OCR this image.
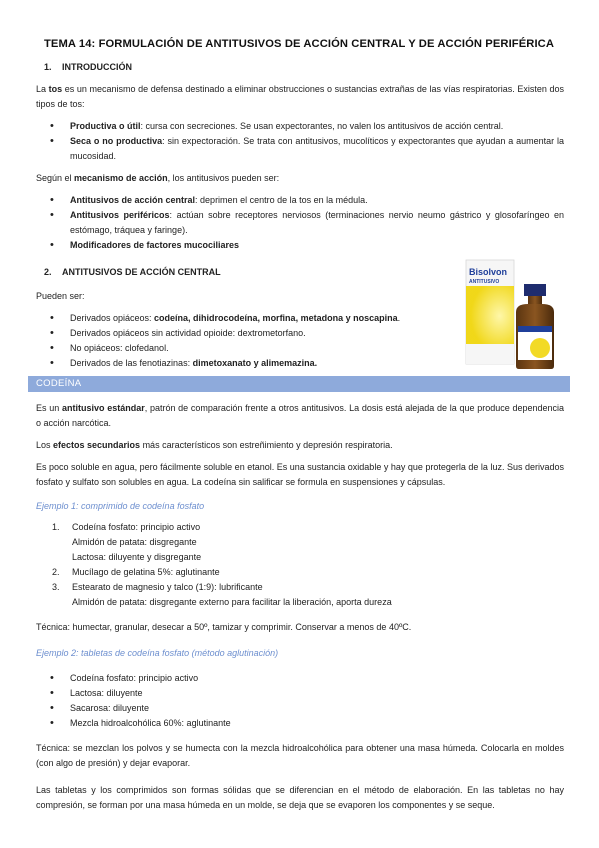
TEMA 14: FORMULACIÓN DE ANTITUSIVOS DE ACCIÓN CENTRAL Y DE ACCIÓN PERIFÉRICA
1. INTRODUCCIÓN
La tos es un mecanismo de defensa destinado a eliminar obstrucciones o sustancias extrañas de las vías respiratorias. Existen dos tipos de tos:
• Productiva o útil: cursa con secreciones. Se usan expectorantes, no valen los antitusivos de acción central.
• Seca o no productiva: sin expectoración. Se trata con antitusivos, mucolíticos y expectorantes que ayudan a aumentar la mucosidad.
Según el mecanismo de acción, los antitusivos pueden ser:
• Antitusivos de acción central: deprimen el centro de la tos en la médula.
• Antitusivos periféricos: actúan sobre receptores nerviosos (terminaciones nervio neumo gástrico y glosofaríngeo en estómago, tráquea y faringe).
• Modificadores de factores mucociliares
2. ANTITUSIVOS DE ACCIÓN CENTRAL
Pueden ser:
• Derivados opiáceos: codeína, dihidrocodeína, morfina, metadona y noscapina.
• Derivados opiáceos sin actividad opioide: dextrometorfano.
• No opiáceos: clofedanol.
• Derivados de las fenotiazinas: dimetoxanato y alimemazina.
Bisolvon
ANTITUSIVO
CODEÍNA
Es un antitusivo estándar, patrón de comparación frente a otros antitusivos. La dosis está alejada de la que produce dependencia o acción narcótica.
Los efectos secundarios más característicos son estreñimiento y depresión respiratoria.
Es poco soluble en agua, pero fácilmente soluble en etanol. Es una sustancia oxidable y hay que protegerla de la luz. Sus derivados fosfato y sulfato son solubles en agua. La codeína sin salificar se formula en suspensiones y cápsulas.
Ejemplo 1: comprimido de codeína fosfato
1. Codeína fosfato: principio activo
Almidón de patata: disgregante
Lactosa: diluyente y disgregante
2. Mucílago de gelatina 5%: aglutinante
3. Estearato de magnesio y talco (1:9): lubrificante
Almidón de patata: disgregante externo para facilitar la liberación, aporta dureza
Técnica: humectar, granular, desecar a 50º, tamizar y comprimir. Conservar a menos de 40ºC.
Ejemplo 2: tabletas de codeína fosfato (método aglutinación)
• Codeína fosfato: principio activo
• Lactosa: diluyente
• Sacarosa: diluyente
• Mezcla hidroalcohólica 60%: aglutinante
Técnica: se mezclan los polvos y se humecta con la mezcla hidroalcohólica para obtener una masa húmeda. Colocarla en moldes (con algo de presión) y dejar evaporar.
Las tabletas y los comprimidos son formas sólidas que se diferencian en el método de elaboración. En las tabletas no hay compresión, se forman por una masa húmeda en un molde, se deja que se evaporen los componentes y se seque.
